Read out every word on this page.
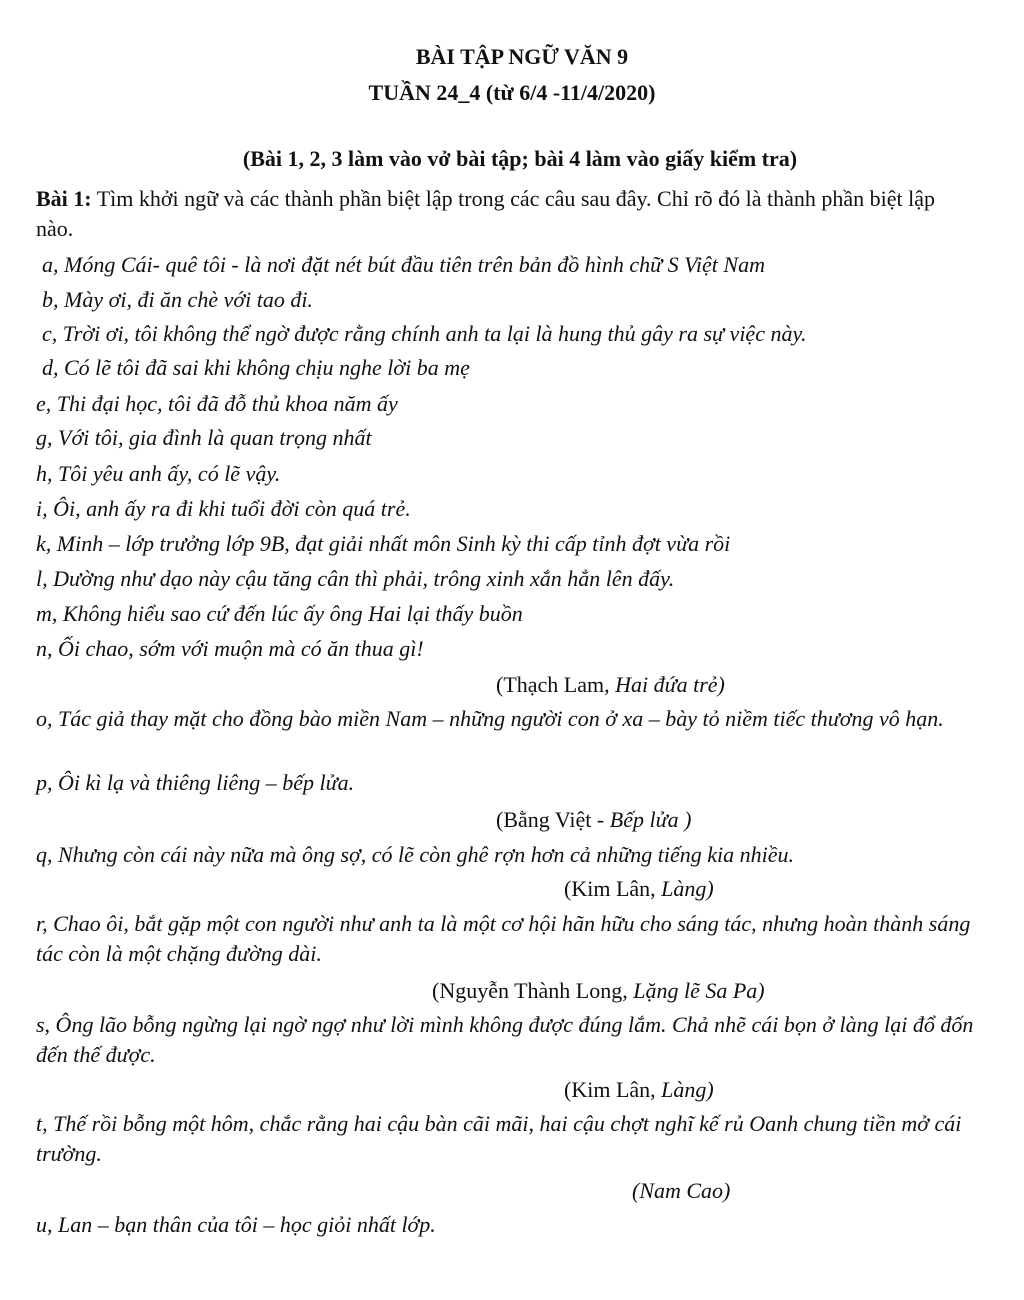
BÀI TẬP NGỮ VĂN 9

TUẦN 24_4 (từ 6/4 -11/4/2020)

(Bài 1, 2, 3 làm vào vở bài tập; bài 4 làm vào giấy kiểm tra)

Bài 1: Tìm khởi ngữ và các thành phần biệt lập trong các câu sau đây. Chỉ rõ đó là thành phần biệt lập nào.

a, Móng Cái- quê tôi - là nơi đặt nét bút đầu tiên trên bản đồ hình chữ S Việt Nam

b, Mày ơi, đi ăn chè với tao đi.

c, Trời ơi, tôi không thể ngờ được rằng chính anh ta lại là hung thủ gây ra sự việc này.

d, Có lẽ tôi đã sai khi không chịu nghe lời ba mẹ

e, Thi đại học, tôi đã đỗ thủ khoa năm ấy

g, Với tôi, gia đình là quan trọng nhất

h, Tôi yêu anh ấy, có lẽ vậy.

i, Ôi, anh ấy ra đi khi tuổi đời còn quá trẻ.

k, Minh – lớp trưởng lớp 9B, đạt giải nhất môn Sinh kỳ thi cấp tỉnh đợt vừa rồi

l, Dường như dạo này cậu tăng cân thì phải, trông xinh xắn hẳn lên đấy.

m, Không hiểu sao cứ đến lúc ấy ông Hai lại thấy buồn

n, Ối chao, sớm với muộn mà có ăn thua gì!

(Thạch Lam, Hai đứa trẻ)

o, Tác giả thay mặt cho đồng bào miền Nam – những người con ở xa – bày tỏ niềm tiếc thương vô hạn.

p, Ôi kì lạ và thiêng liêng – bếp lửa.

(Bằng Việt - Bếp lửa )

q, Nhưng còn cái này nữa mà ông sợ, có lẽ còn ghê rợn hơn cả những tiếng kia nhiều.

(Kim Lân, Làng)

r, Chao ôi, bắt gặp một con người như anh ta là một cơ hội hãn hữu cho sáng tác, nhưng hoàn thành sáng tác còn là một chặng đường dài.

(Nguyễn Thành Long, Lặng lẽ Sa Pa)

s, Ông lão bỗng ngừng lại ngờ ngợ như lời mình không được đúng lắm. Chả nhẽ cái bọn ở làng lại đổ đốn đến thế được.

(Kim Lân, Làng)

t, Thế rồi bỗng một hôm, chắc rằng hai cậu bàn cãi mãi, hai cậu chợt nghĩ kế rủ Oanh chung tiền mở cái trường.

(Nam Cao)

u, Lan – bạn thân của tôi – học giỏi nhất lớp.
